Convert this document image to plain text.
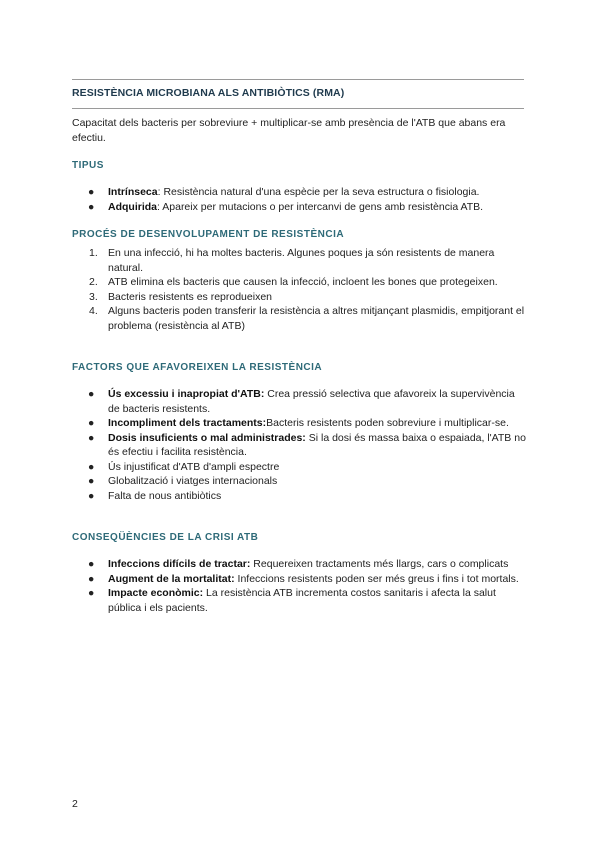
RESISTÈNCIA MICROBIANA ALS ANTIBIÒTICS (RMA)
Capacitat dels bacteris per sobreviure + multiplicar-se amb presència de l'ATB que abans era efectiu.
TIPUS
● Intrínseca: Resistència natural d'una espècie per la seva estructura o fisiologia.
● Adquirida: Apareix per mutacions o per intercanvi de gens amb resistència ATB.
PROCÉS DE DESENVOLUPAMENT DE RESISTÈNCIA
1. En una infecció, hi ha moltes bacteris. Algunes poques ja són resistents de manera natural.
2. ATB elimina els bacteris que causen la infecció, incloent les bones que protegeixen.
3. Bacteris resistents es reprodueixen
4. Alguns bacteris poden transferir la resistència a altres mitjançant plasmidis, empitjorant el problema (resistència al ATB)
FACTORS QUE AFAVOREIXEN LA RESISTÈNCIA
● Ús excessiu i inapropiat d'ATB: Crea pressió selectiva que afavoreix la supervivència de bacteris resistents.
● Incompliment dels tractaments:Bacteris resistents poden sobreviure i multiplicar-se.
● Dosis insuficients o mal administrades: Si la dosi és massa baixa o espaiada, l'ATB no és efectiu i facilita resistència.
● Ús injustificat d'ATB d'ampli espectre
● Globalització i viatges internacionals
● Falta de nous antibiòtics
CONSEQÜÈNCIES DE LA CRISI ATB
● Infeccions difícils de tractar: Requereixen tractaments més llargs, cars o complicats
● Augment de la mortalitat: Infeccions resistents poden ser més greus i fins i tot mortals.
● Impacte econòmic: La resistència ATB incrementa costos sanitaris i afecta la salut pública i els pacients.
2
